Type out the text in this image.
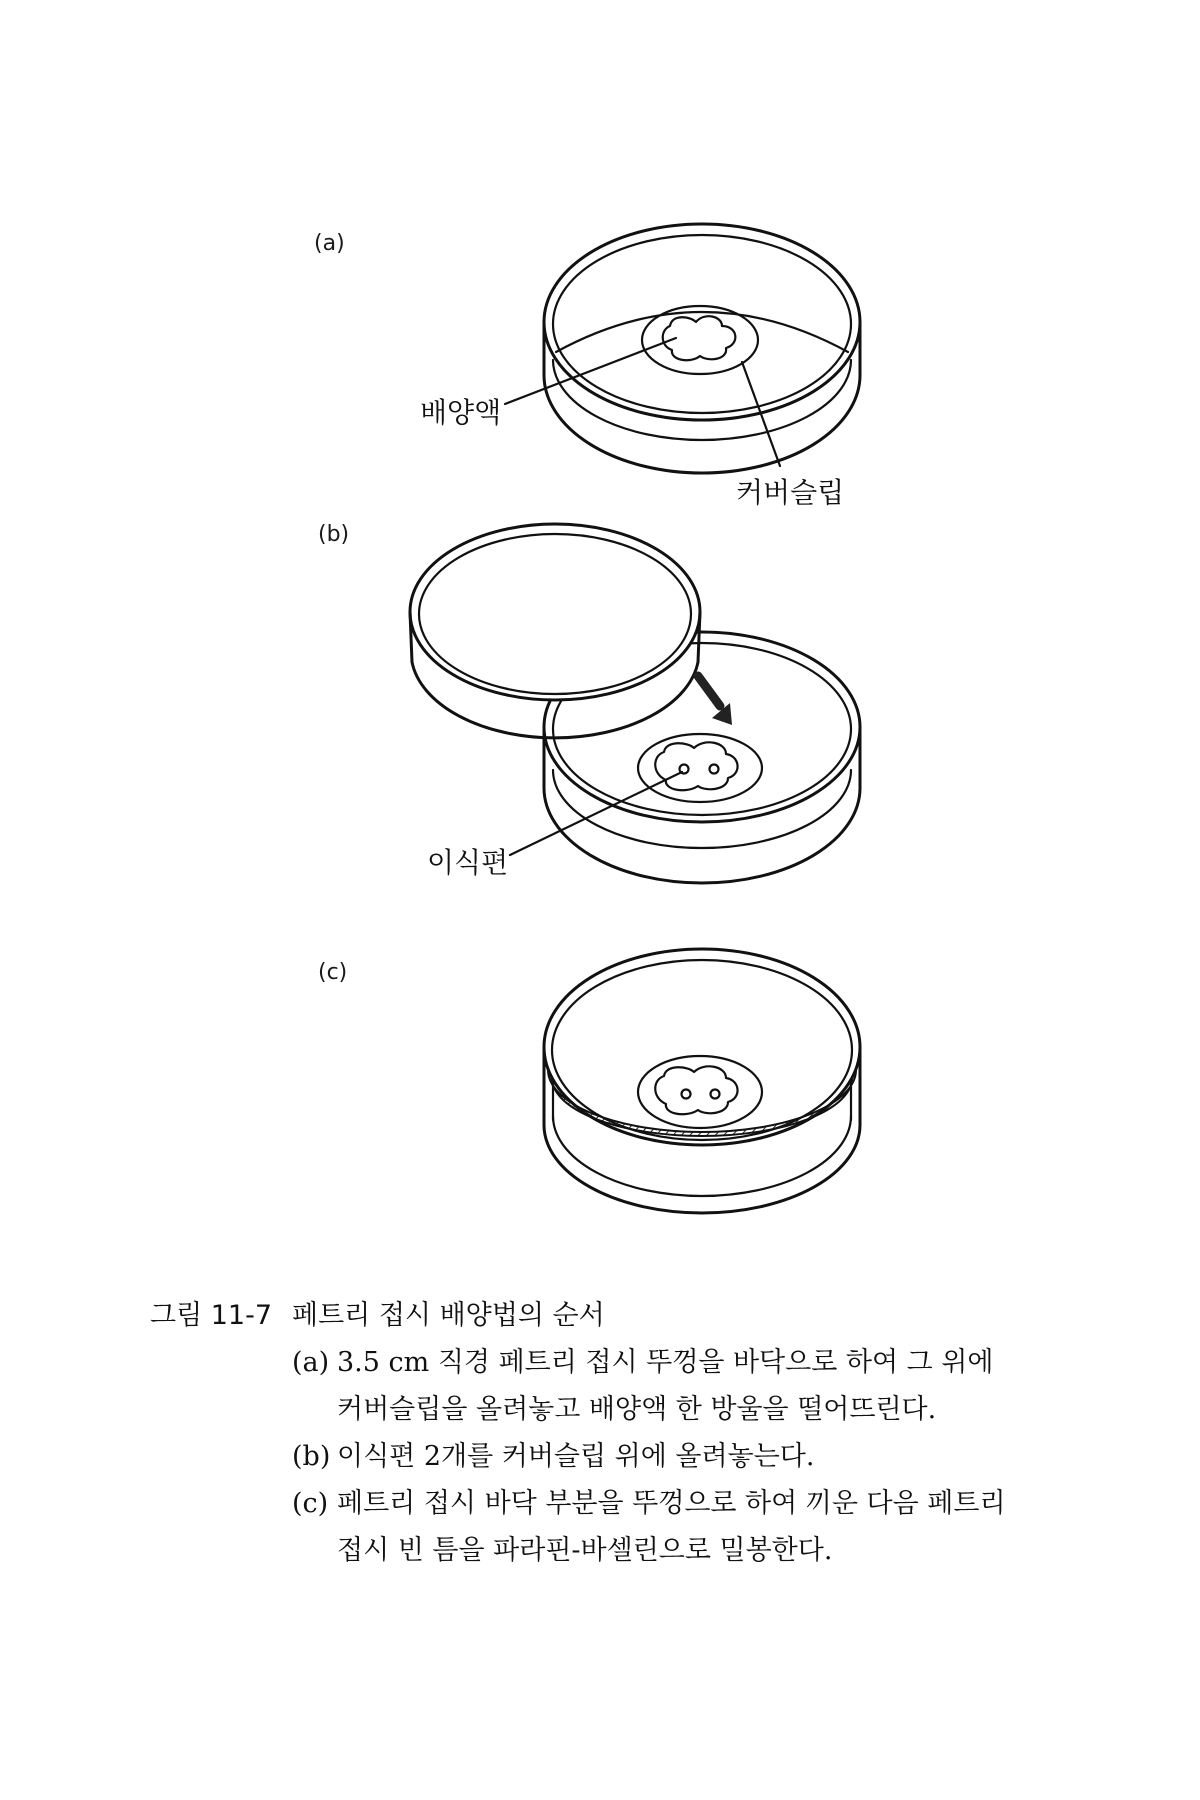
(a)
배양액
커버슬립
(b)
이식편
(c)
그림 11-7 페트리 접시 배양법의 순서
(a) 3.5 cm 직경 페트리 접시 뚜껑을 바닥으로 하여 그 위에
커버슬립을 올려놓고 배양액 한 방울을 떨어뜨린다.
(b) 이식편 2개를 커버슬립 위에 올려놓는다.
(c) 페트리 접시 바닥 부분을 뚜껑으로 하여 끼운 다음 페트리
접시 빈 틈을 파라핀-바셀린으로 밀봉한다.
